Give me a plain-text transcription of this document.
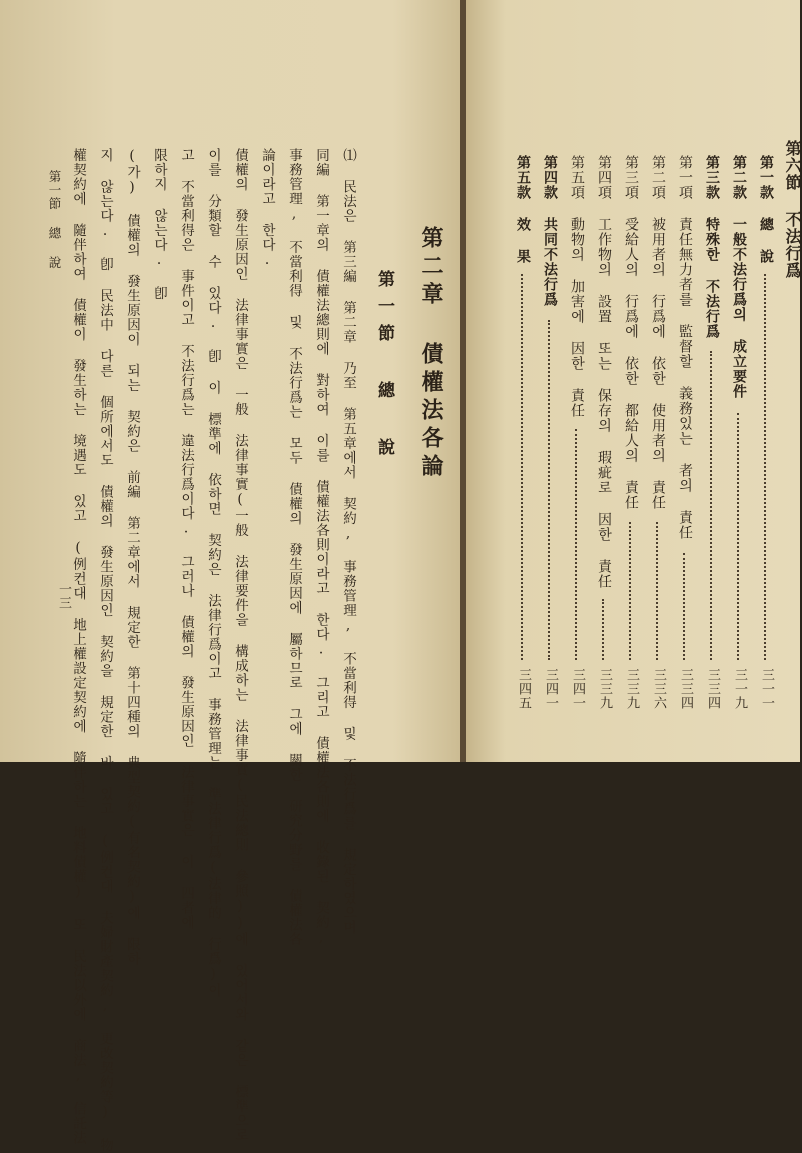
第一節 總 說
一三
第二章 債權法各論
第一節 總 說
⑴ 民法은 第三編 第二章 乃至 第五章에서 契約, 事務管理, 不當利得 및 不法行爲를 規定하였으며
同編 第一章의 債權法總則에 對하여 이를 債權法各則이라고 한다. 그리고 債權法各則에 收錄된 契約,
事務管理, 不當利得 및 不法行爲는 모두 債權의 發生原因에 屬하므로 그에 關한 研究分野를 債權法各
論이라고 한다.
債權의 發生原因인 法律事實은 一般 法律事實(一般 法律要件을 構成하는 法律事實(民法總則 參照))에 있어서와 같은 標準으로
이를 分類할 수 있다. 卽 이 標準에 依하면 契約은 法律行爲이고 事務管理는 準法律行爲(法律的 行爲)이
고 不當利得은 事件이고 不法行爲는 違法行爲이다. 그러나 債權의 發生原因인 法律事實은 이 四者에
限하지 않는다. 卽
(가) 債權의 發生原因이 되는 契約은 前編 第二章에서 規定한 第十四種의 典型契約(有名契約)에 限하
지 않는다. 卽 民法中 다른 個所에서도 債權의 發生原因인 契約을 規定한 바 있고 (例컨대 夫婦財產契約, 更改契約等) 物
權契約에 隨伴하여 債權이 發生하는 境遇도 있고 (例컨대 地上權設定契約에 隨伴하는 地料債權) 또 民法以外에 商法, 信託法	第六節 不法行爲
第一款 總 說
三一一
第二款 一般不法行爲의 成立要件
三一九
第三款 特殊한 不法行爲
三三四
第一項 責任無力者를 監督할 義務있는 者의 責任
三三四
第二項 被用者의 行爲에 依한 使用者의 責任
三三六
第三項 受給人의 行爲에 依한 都給人의 責任
三三九
第四項 工作物의 設置 또는 保存의 瑕疵로 因한 責任
三三九
第五項 動物의 加害에 因한 責任
三四一
第四款 共同不法行爲
三四一
第五款 效 果
三四五
